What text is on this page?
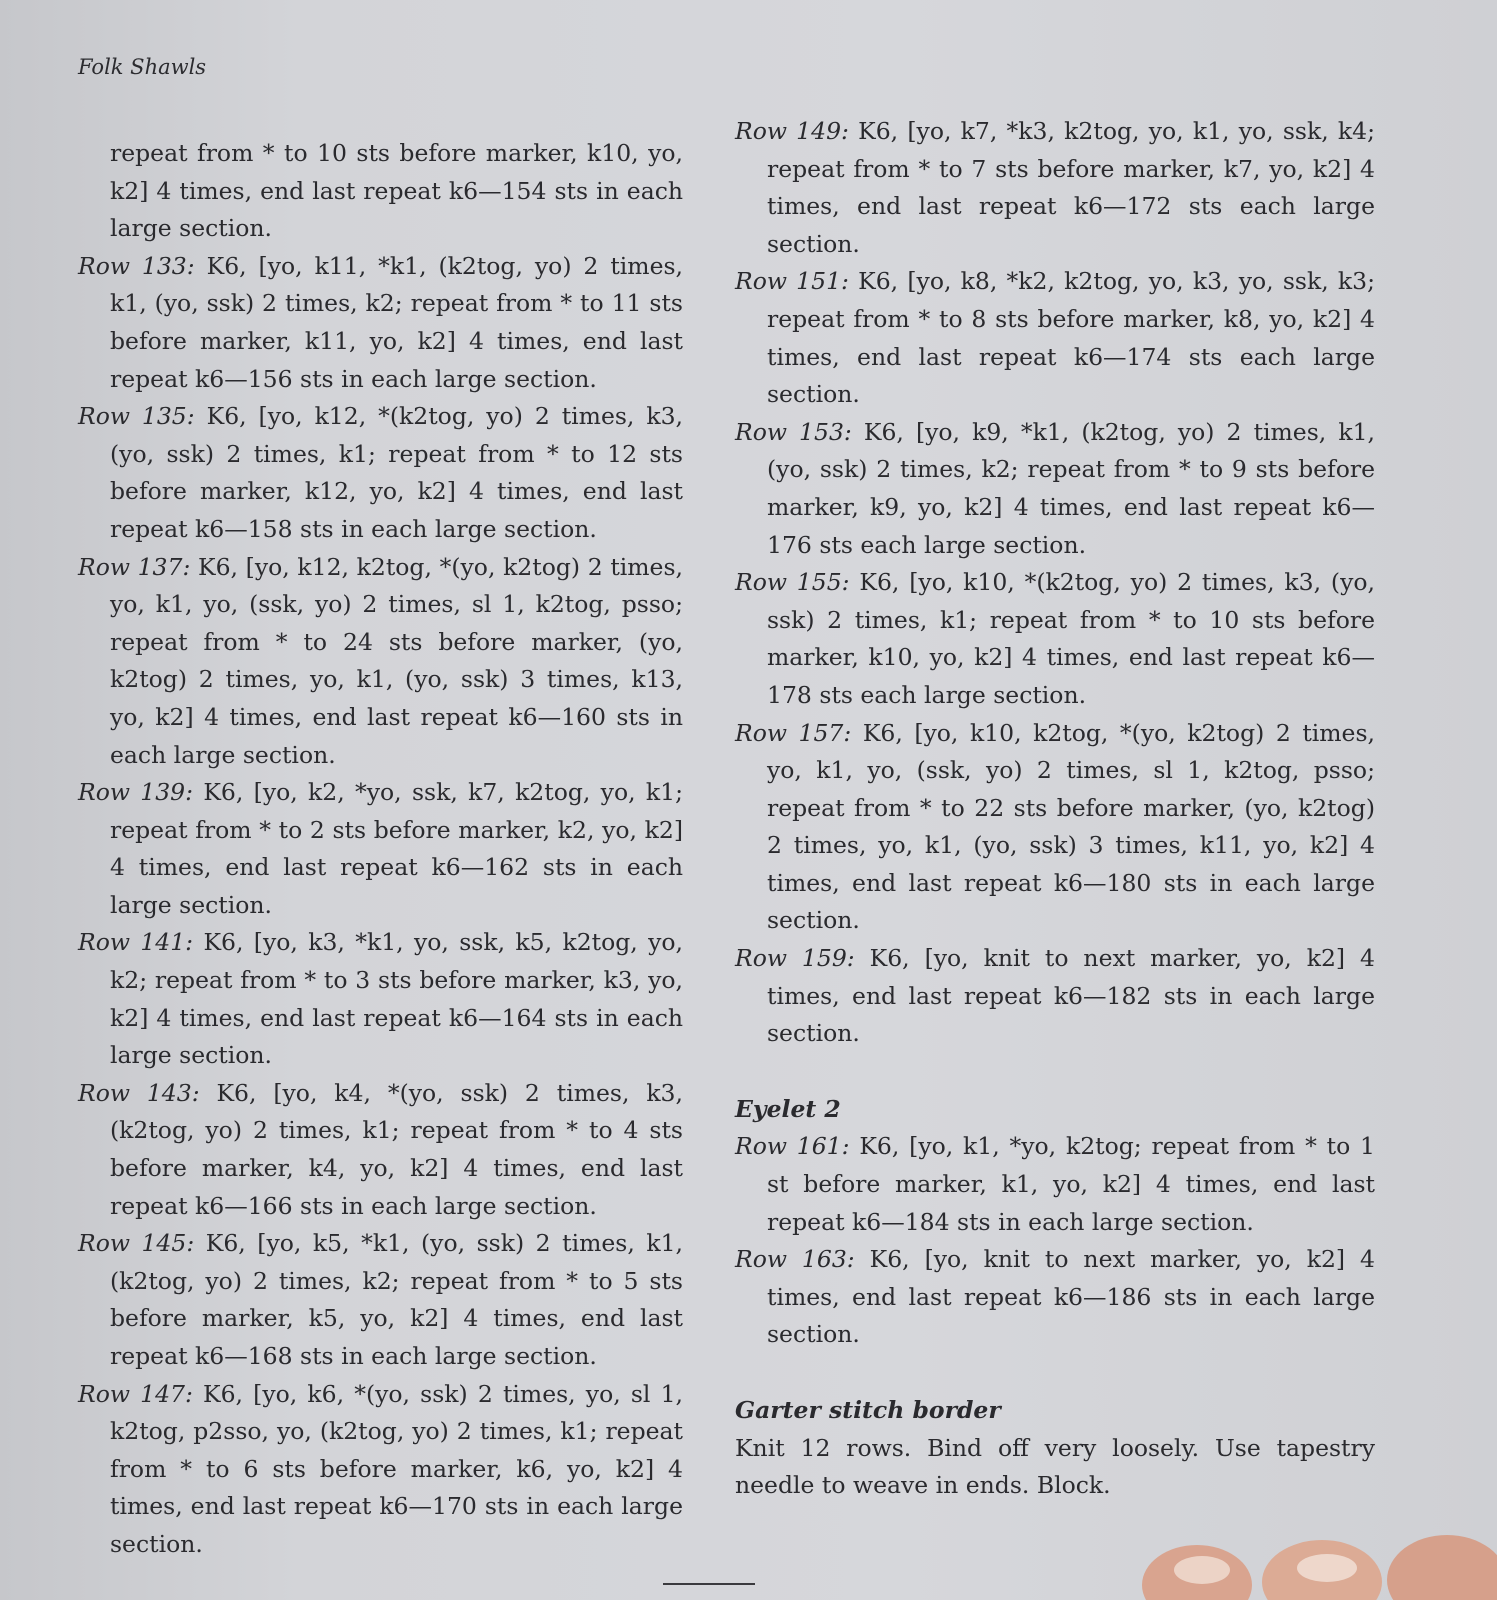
Folk Shawls

repeat from * to 10 sts before marker, k10, yo, k2] 4 times, end last repeat k6—154 sts in each large section.

Row 133: K6, [yo, k11, *k1, (k2tog, yo) 2 times, k1, (yo, ssk) 2 times, k2; repeat from * to 11 sts before marker, k11, yo, k2] 4 times, end last repeat k6—156 sts in each large section.

Row 135: K6, [yo, k12, *(k2tog, yo) 2 times, k3, (yo, ssk) 2 times, k1; repeat from * to 12 sts before marker, k12, yo, k2] 4 times, end last repeat k6—158 sts in each large section.

Row 137: K6, [yo, k12, k2tog, *(yo, k2tog) 2 times, yo, k1, yo, (ssk, yo) 2 times, sl 1, k2tog, psso; repeat from * to 24 sts before marker, (yo, k2tog) 2 times, yo, k1, (yo, ssk) 3 times, k13, yo, k2] 4 times, end last repeat k6—160 sts in each large section.

Row 139: K6, [yo, k2, *yo, ssk, k7, k2tog, yo, k1; repeat from * to 2 sts before marker, k2, yo, k2] 4 times, end last repeat k6—162 sts in each large section.

Row 141: K6, [yo, k3, *k1, yo, ssk, k5, k2tog, yo, k2; repeat from * to 3 sts before marker, k3, yo, k2] 4 times, end last repeat k6—164 sts in each large section.

Row 143: K6, [yo, k4, *(yo, ssk) 2 times, k3, (k2tog, yo) 2 times, k1; repeat from * to 4 sts before marker, k4, yo, k2] 4 times, end last repeat k6—166 sts in each large section.

Row 145: K6, [yo, k5, *k1, (yo, ssk) 2 times, k1, (k2tog, yo) 2 times, k2; repeat from * to 5 sts before marker, k5, yo, k2] 4 times, end last repeat k6—168 sts in each large section.

Row 147: K6, [yo, k6, *(yo, ssk) 2 times, yo, sl 1, k2tog, p2sso, yo, (k2tog, yo) 2 times, k1; repeat from * to 6 sts before marker, k6, yo, k2] 4 times, end last repeat k6—170 sts in each large section.

Row 149: K6, [yo, k7, *k3, k2tog, yo, k1, yo, ssk, k4; repeat from * to 7 sts before marker, k7, yo, k2] 4 times, end last repeat k6—172 sts each large section.

Row 151: K6, [yo, k8, *k2, k2tog, yo, k3, yo, ssk, k3; repeat from * to 8 sts before marker, k8, yo, k2] 4 times, end last repeat k6—174 sts each large section.

Row 153: K6, [yo, k9, *k1, (k2tog, yo) 2 times, k1, (yo, ssk) 2 times, k2; repeat from * to 9 sts before marker, k9, yo, k2] 4 times, end last repeat k6—176 sts each large section.

Row 155: K6, [yo, k10, *(k2tog, yo) 2 times, k3, (yo, ssk) 2 times, k1; repeat from * to 10 sts before marker, k10, yo, k2] 4 times, end last repeat k6—178 sts each large section.

Row 157: K6, [yo, k10, k2tog, *(yo, k2tog) 2 times, yo, k1, yo, (ssk, yo) 2 times, sl 1, k2tog, psso; repeat from * to 22 sts before marker, (yo, k2tog) 2 times, yo, k1, (yo, ssk) 3 times, k11, yo, k2] 4 times, end last repeat k6—180 sts in each large section.

Row 159: K6, [yo, knit to next marker, yo, k2] 4 times, end last repeat k6—182 sts in each large section.

Eyelet 2

Row 161: K6, [yo, k1, *yo, k2tog; repeat from * to 1 st before marker, k1, yo, k2] 4 times, end last repeat k6—184 sts in each large section.

Row 163: K6, [yo, knit to next marker, yo, k2] 4 times, end last repeat k6—186 sts in each large section.

Garter stitch border

Knit 12 rows. Bind off very loosely. Use tapestry needle to weave in ends. Block.
